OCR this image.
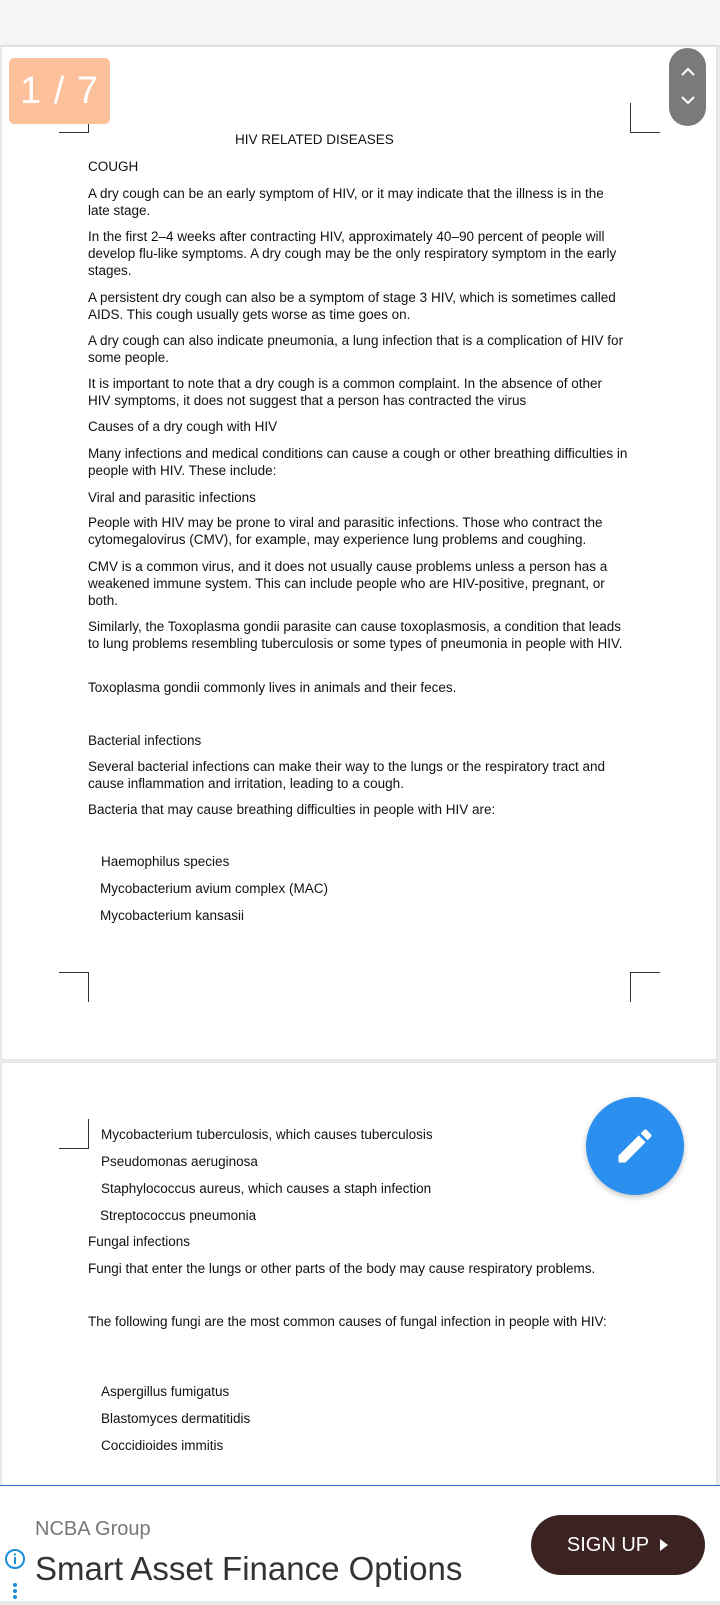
HIV RELATED DISEASES
COUGH
A dry cough can be an early symptom of HIV, or it may indicate that the illness is in the late stage.
In the first 2–4 weeks after contracting HIV, approximately 40–90 percent of people will develop flu-like symptoms. A dry cough may be the only respiratory symptom in the early stages.
A persistent dry cough can also be a symptom of stage 3 HIV, which is sometimes called AIDS. This cough usually gets worse as time goes on.
A dry cough can also indicate pneumonia, a lung infection that is a complication of HIV for some people.
It is important to note that a dry cough is a common complaint. In the absence of other HIV symptoms, it does not suggest that a person has contracted the virus
Causes of a dry cough with HIV
Many infections and medical conditions can cause a cough or other breathing difficulties in people with HIV. These include:
Viral and parasitic infections
People with HIV may be prone to viral and parasitic infections. Those who contract the cytomegalovirus (CMV), for example, may experience lung problems and coughing.
CMV is a common virus, and it does not usually cause problems unless a person has a weakened immune system. This can include people who are HIV-positive, pregnant, or both.
Similarly, the Toxoplasma gondii parasite can cause toxoplasmosis, a condition that leads to lung problems resembling tuberculosis or some types of pneumonia in people with HIV.
Toxoplasma gondii commonly lives in animals and their feces.
Bacterial infections
Several bacterial infections can make their way to the lungs or the respiratory tract and cause inflammation and irritation, leading to a cough.
Bacteria that may cause breathing difficulties in people with HIV are:
Haemophilus species
Mycobacterium avium complex (MAC)
Mycobacterium kansasii
Mycobacterium tuberculosis, which causes tuberculosis
Pseudomonas aeruginosa
Staphylococcus aureus, which causes a staph infection
Streptococcus pneumonia
Fungal infections
Fungi that enter the lungs or other parts of the body may cause respiratory problems.
The following fungi are the most common causes of fungal infection in people with HIV:
Aspergillus fumigatus
Blastomyces dermatitidis
Coccidioides immitis
1 / 7
NCBA Group
Smart Asset Finance Options
SIGN UP
